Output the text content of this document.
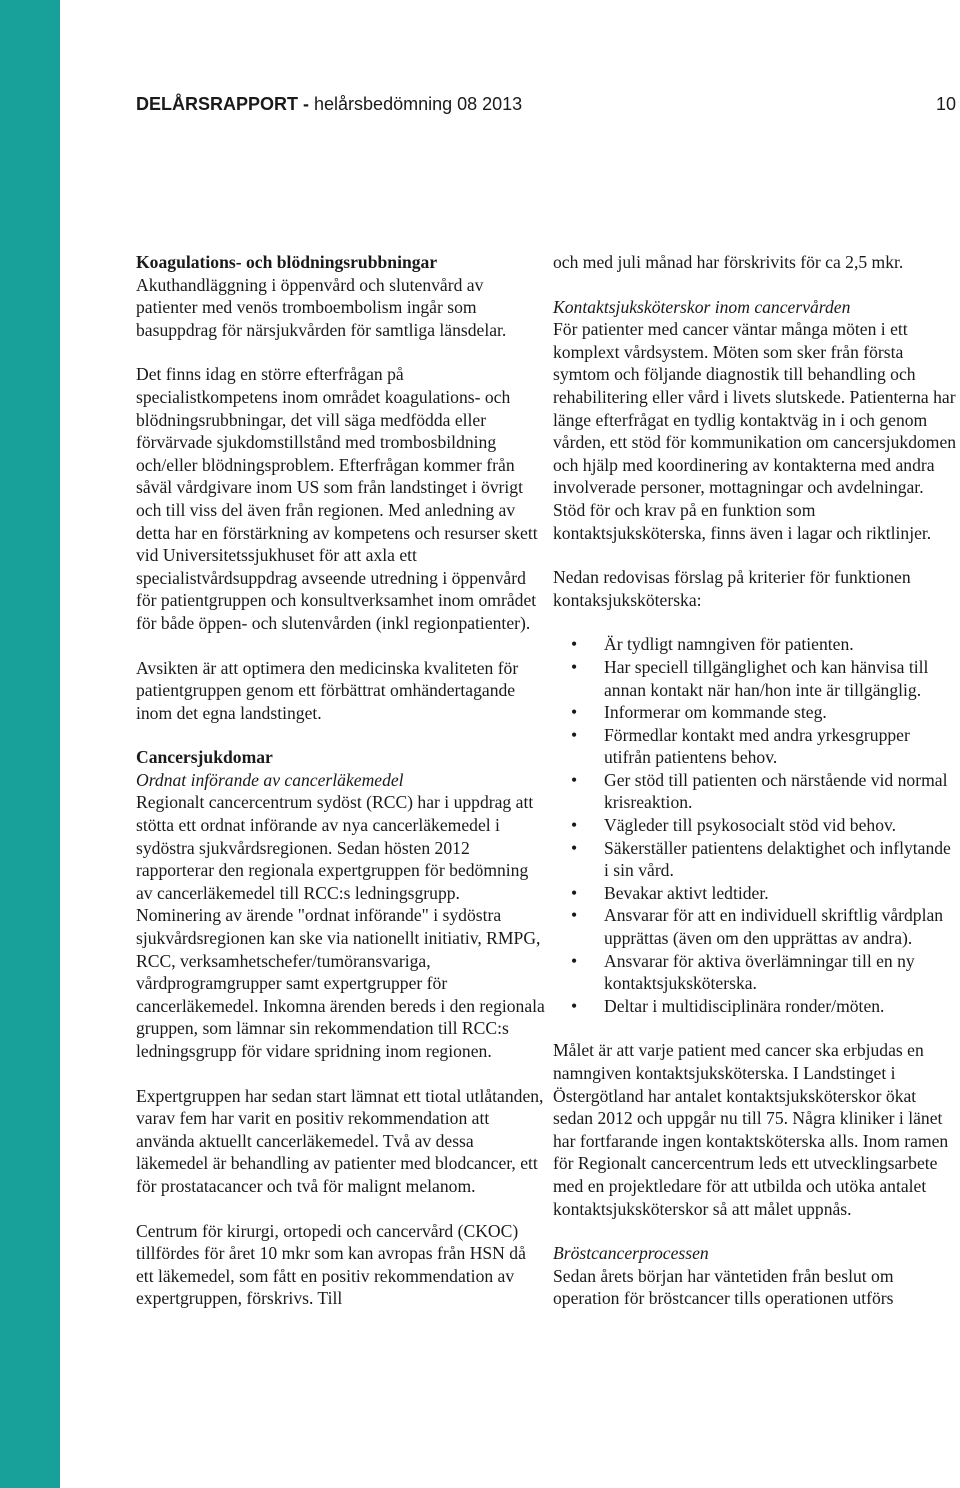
DELÅRSRAPPORT - helårsbedömning 08 2013	10

Koagulations- och blödningsrubbningar

Akuthandläggning i öppenvård och slutenvård av patienter med venös tromboembolism ingår som basuppdrag för närsjukvården för samtliga länsdelar.

Det finns idag en större efterfrågan på specialistkompetens inom området koagulations- och blödningsrubbningar, det vill säga medfödda eller förvärvade sjukdomstillstånd med trombosbildning och/eller blödningsproblem. Efterfrågan kommer från såväl vårdgivare inom US som från landstinget i övrigt och till viss del även från regionen. Med anledning av detta har en förstärkning av kompetens och resurser skett vid Universitetssjukhuset för att axla ett specialistvårdsuppdrag avseende utredning i öppenvård för patientgruppen och konsultverksamhet inom området för både öppen- och slutenvården (inkl regionpatienter).

Avsikten är att optimera den medicinska kvaliteten för patientgruppen genom ett förbättrat omhändertagande inom det egna landstinget.

Cancersjukdomar

Ordnat införande av cancerläkemedel

Regionalt cancercentrum sydöst (RCC) har i uppdrag att stötta ett ordnat införande av nya cancerläkemedel i sydöstra sjukvårdsregionen. Sedan hösten 2012 rapporterar den regionala expertgruppen för bedömning av cancerläkemedel till RCC:s ledningsgrupp. Nominering av ärende "ordnat införande" i sydöstra sjukvårdsregionen kan ske via nationellt initiativ, RMPG, RCC, verksamhetschefer/tumöransvariga, vårdprogramgrupper samt expertgrupper för cancerläkemedel. Inkomna ärenden bereds i den regionala gruppen, som lämnar sin rekommendation till RCC:s ledningsgrupp för vidare spridning inom regionen.

Expertgruppen har sedan start lämnat ett tiotal utlåtanden, varav fem har varit en positiv rekommendation att använda aktuellt cancerläkemedel. Två av dessa läkemedel är behandling av patienter med blodcancer, ett för prostatacancer och två för malignt melanom.

Centrum för kirurgi, ortopedi och cancervård (CKOC) tillfördes för året 10 mkr som kan avropas från HSN då ett läkemedel, som fått en positiv rekommendation av expertgruppen, förskrivs. Till

och med juli månad har förskrivits för ca 2,5 mkr.

Kontaktsjuksköterskor inom cancervården

För patienter med cancer väntar många möten i ett komplext vårdsystem. Möten som sker från första symtom och följande diagnostik till behandling och rehabilitering eller vård i livets slutskede. Patienterna har länge efterfrågat en tydlig kontaktväg in i och genom vården, ett stöd för kommunikation om cancersjukdomen och hjälp med koordinering av kontakterna med andra involverade personer, mottagningar och avdelningar. Stöd för och krav på en funktion som kontaktsjuksköterska, finns även i lagar och riktlinjer.

Nedan redovisas förslag på kriterier för funktionen kontaksjuksköterska:

• Är tydligt namngiven för patienten.
• Har speciell tillgänglighet och kan hänvisa till annan kontakt när han/hon inte är tillgänglig.
• Informerar om kommande steg.
• Förmedlar kontakt med andra yrkesgrupper utifrån patientens behov.
• Ger stöd till patienten och närstående vid normal krisreaktion.
• Vägleder till psykosocialt stöd vid behov.
• Säkerställer patientens delaktighet och inflytande i sin vård.
• Bevakar aktivt ledtider.
• Ansvarar för att en individuell skriftlig vårdplan upprättas (även om den upprättas av andra).
• Ansvarar för aktiva överlämningar till en ny kontaktsjuksköterska.
• Deltar i multidisciplinära ronder/möten.

Målet är att varje patient med cancer ska erbjudas en namngiven kontaktsjuksköterska. I Landstinget i Östergötland har antalet kontaktsjuksköterskor ökat sedan 2012 och uppgår nu till 75. Några kliniker i länet har fortfarande ingen kontaktsköterska alls. Inom ramen för Regionalt cancercentrum leds ett utvecklingsarbete med en projektledare för att utbilda och utöka antalet kontaktsjuksköterskor så att målet uppnås.

Bröstcancerprocessen

Sedan årets början har väntetiden från beslut om operation för bröstcancer tills operationen utförs
